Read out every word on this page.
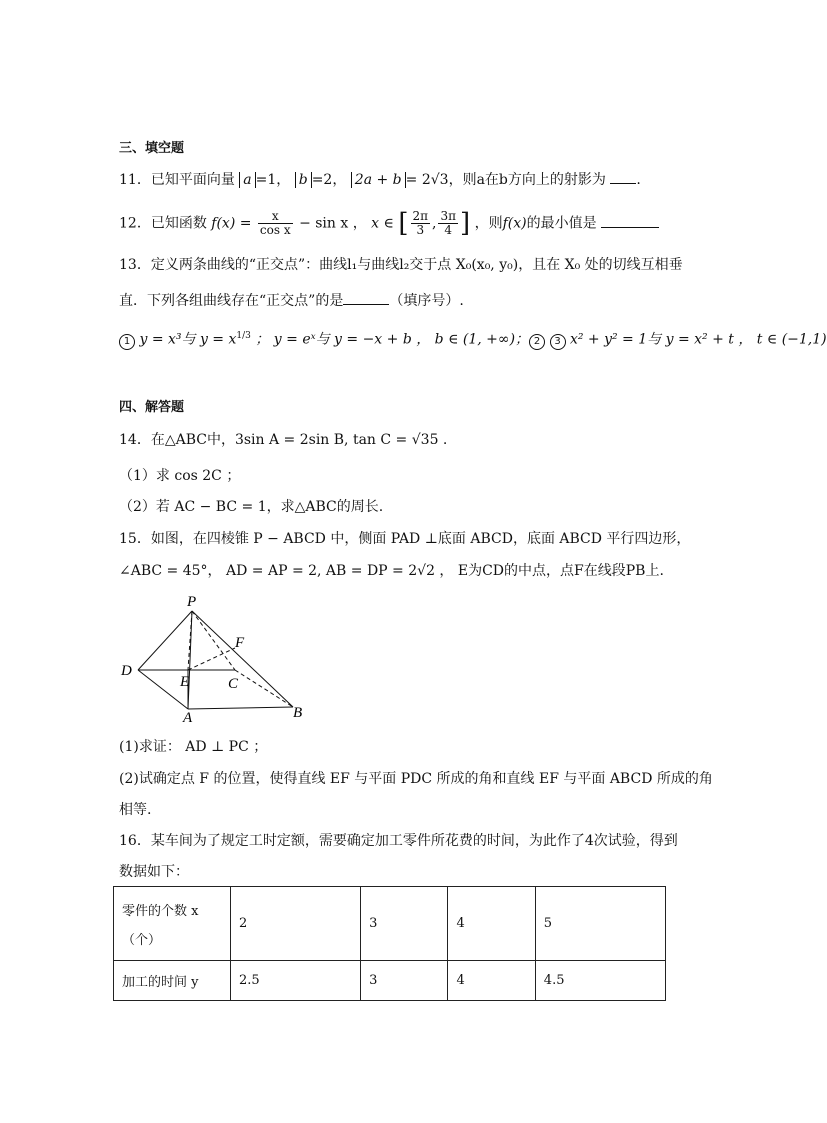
三、填空题
11．已知平面向量 a =1， b =2， 2a + b = 2√3，则a在b方向上的射影为 .
12．已知函数 $f(x) = \frac{x}{\text{cos x}} - \sin x$ ， x ∈ [ $\frac{2\pi}{3}$ , $\frac{3\pi}{4}$ ] ，则f(x)的最小值是
13．定义两条曲线的“正交点”：曲线l₁与曲线l₂交于点 X₀(x₀, y₀)，且在 X₀ 处的切线互相垂
直．下列各组曲线存在“正交点”的是	（填序号）.
1 y = x³与 $y = x^{1/3}$ ； y = eˣ与 y = −x + b ， b ∈ (1, +∞)； 2 3 x² + y² = 1与 y = x² + t ， t ∈ (−1,1)
四、解答题
14．在△ABC中，3sin A = 2sin B, tan C = √35 .
（1）求 cos 2C ；
（2）若 AC − BC = 1，求△ABC的周长.
15．如图，在四棱锥 P − ABCD 中，侧面 PAD ⊥底面 ABCD，底面 ABCD 平行四边形，
∠ABC = 45°， AD = AP = 2, AB = DP = 2√2 ， E为CD的中点，点F在线段PB上.
P
F
D
E	C
A	B
(1)求证： AD ⊥ PC ；
(2)试确定点 F 的位置，使得直线 EF 与平面 PDC 所成的角和直线 EF 与平面 ABCD 所成的角
相等.
16．某车间为了规定工时定额，需要确定加工零件所花费的时间，为此作了4次试验，得到
数据如下：
零件的个数 x
（个）	2	3	4	5
加工的时间 y	2.5	3	4	4.5
